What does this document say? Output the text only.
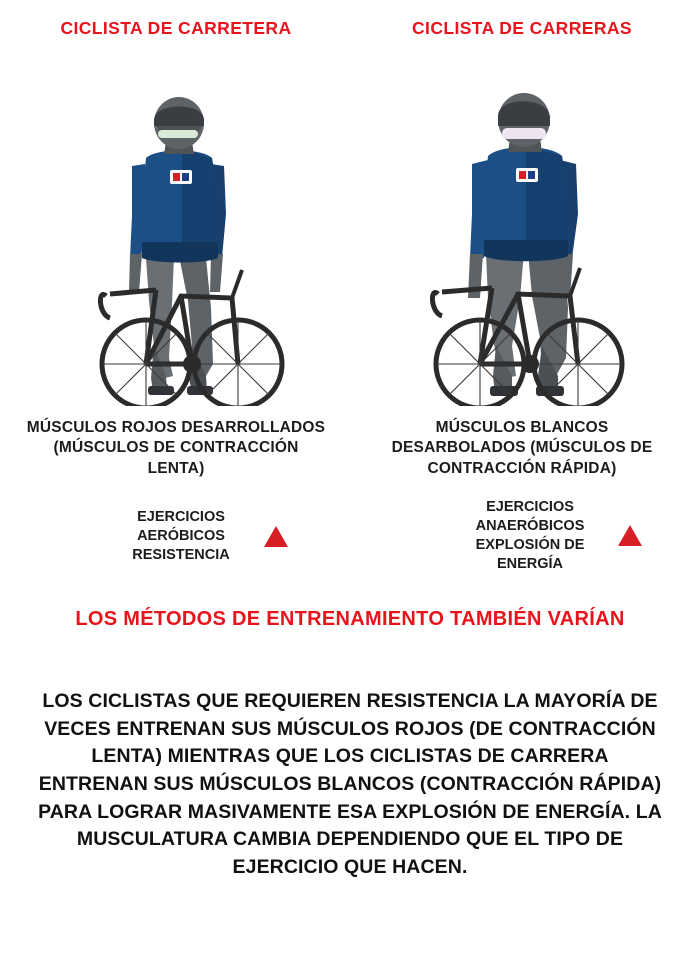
CICLISTA DE CARRETERA
MÚSCULOS ROJOS DESARROLLADOS (MÚSCULOS DE CONTRACCIÓN LENTA)
EJERCICIOS AERÓBICOS RESISTENCIA
CICLISTA DE CARRERAS
MÚSCULOS BLANCOS DESARBOLADOS (MÚSCULOS DE CONTRACCIÓN RÁPIDA)
EJERCICIOS ANAERÓBICOS EXPLOSIÓN DE ENERGÍA
LOS MÉTODOS DE ENTRENAMIENTO TAMBIÉN VARÍAN
LOS CICLISTAS QUE REQUIEREN RESISTENCIA LA MAYORÍA DE VECES ENTRENAN SUS MÚSCULOS ROJOS (DE CONTRACCIÓN LENTA) MIENTRAS QUE LOS CICLISTAS DE CARRERA ENTRENAN SUS MÚSCULOS BLANCOS (CONTRACCIÓN RÁPIDA) PARA LOGRAR MASIVAMENTE ESA EXPLOSIÓN DE ENERGÍA. LA MUSCULATURA CAMBIA DEPENDIENDO QUE EL TIPO DE EJERCICIO QUE HACEN.
